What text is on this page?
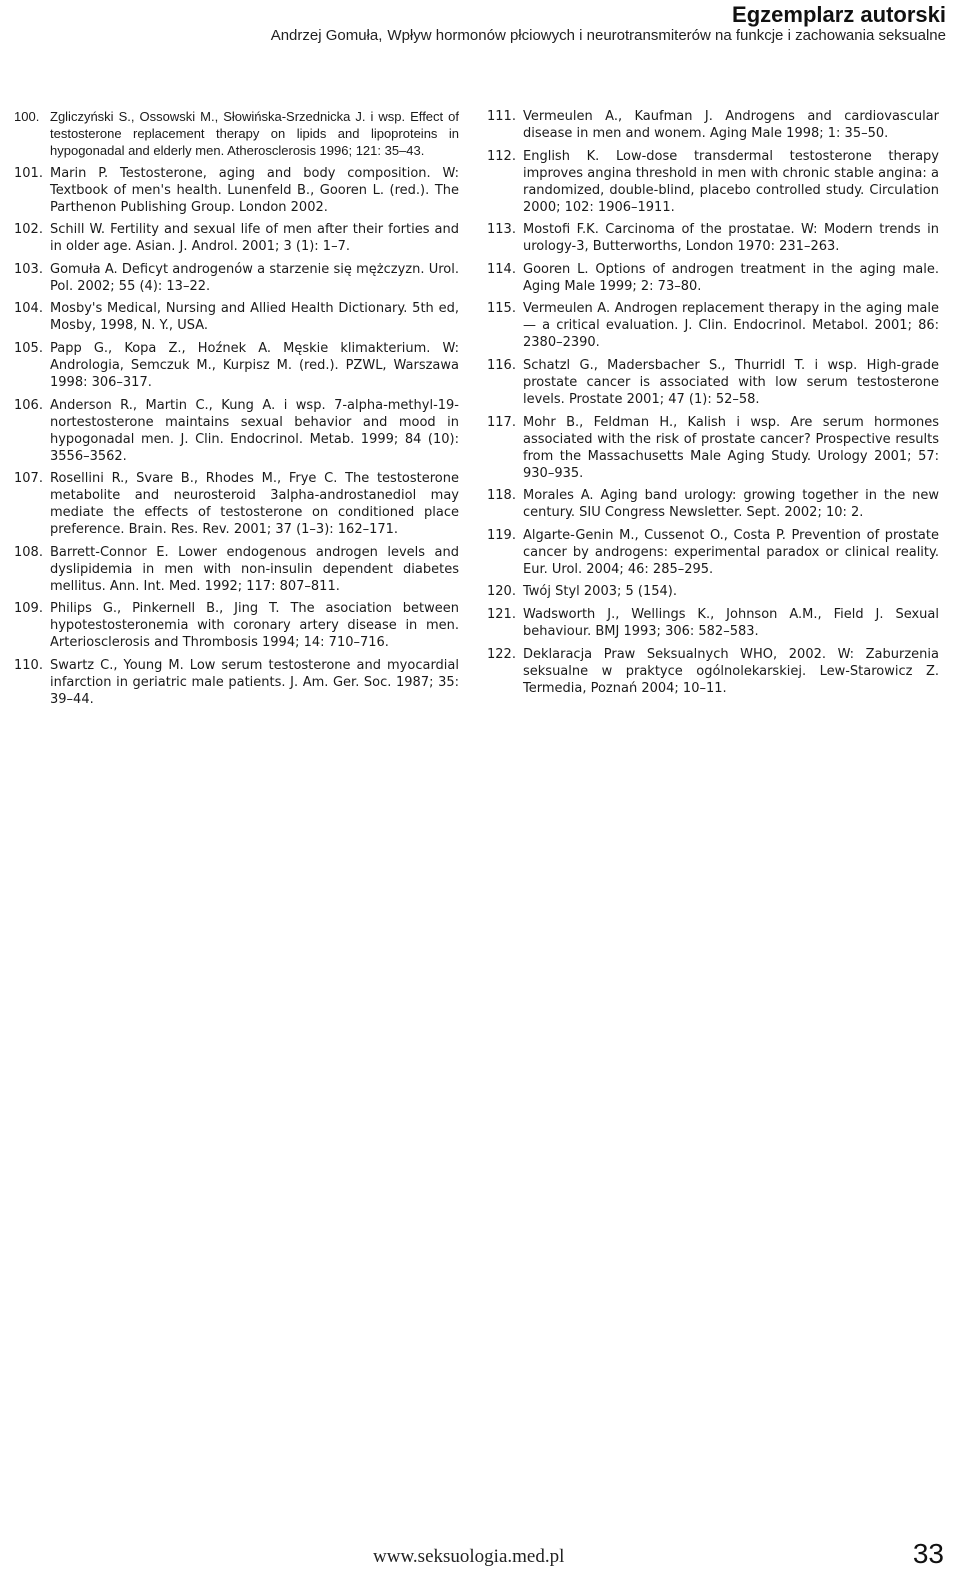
Egzemplarz autorski
Andrzej Gomuła, Wpływ hormonów płciowych i neurotransmiterów na funkcje i zachowania seksualne
100. Zgliczyński S., Ossowski M., Słowińska-Srzednicka J. i wsp. Effect of testosterone replacement therapy on lipids and lipoproteins in hypogonadal and elderly men. Atherosclerosis 1996; 121: 35–43.
101. Marin P. Testosterone, aging and body composition. W: Textbook of men's health. Lunenfeld B., Gooren L. (red.). The Parthenon Publishing Group. London 2002.
102. Schill W. Fertility and sexual life of men after their forties and in older age. Asian. J. Androl. 2001; 3 (1): 1–7.
103. Gomuła A. Deficyt androgenów a starzenie się mężczyzn. Urol. Pol. 2002; 55 (4): 13–22.
104. Mosby's Medical, Nursing and Allied Health Dictionary. 5th ed, Mosby, 1998, N. Y., USA.
105. Papp G., Kopa Z., Hoźnek A. Męskie klimakterium. W: Andrologia, Semczuk M., Kurpisz M. (red.). PZWL, Warszawa 1998: 306–317.
106. Anderson R., Martin C., Kung A. i wsp. 7-alpha-methyl-19-nortestosterone maintains sexual behavior and mood in hypogonadal men. J. Clin. Endocrinol. Metab. 1999; 84 (10): 3556–3562.
107. Rosellini R., Svare B., Rhodes M., Frye C. The testosterone metabolite and neurosteroid 3alpha-androstanediol may mediate the effects of testosterone on conditioned place preference. Brain. Res. Rev. 2001; 37 (1–3): 162–171.
108. Barrett-Connor E. Lower endogenous androgen levels and dyslipidemia in men with non-insulin dependent diabetes mellitus. Ann. Int. Med. 1992; 117: 807–811.
109. Philips G., Pinkernell B., Jing T. The asociation between hypotestosteronemia with coronary artery disease in men. Arteriosclerosis and Thrombosis 1994; 14: 710–716.
110. Swartz C., Young M. Low serum testosterone and myocardial infarction in geriatric male patients. J. Am. Ger. Soc. 1987; 35: 39–44.
111. Vermeulen A., Kaufman J. Androgens and cardiovascular disease in men and wonem. Aging Male 1998; 1: 35–50.
112. English K. Low-dose transdermal testosterone therapy improves angina threshold in men with chronic stable angina: a randomized, double-blind, placebo controlled study. Circulation 2000; 102: 1906–1911.
113. Mostofi F.K. Carcinoma of the prostatae. W: Modern trends in urology-3, Butterworths, London 1970: 231–263.
114. Gooren L. Options of androgen treatment in the aging male. Aging Male 1999; 2: 73–80.
115. Vermeulen A. Androgen replacement therapy in the aging male — a critical evaluation. J. Clin. Endocrinol. Metabol. 2001; 86: 2380–2390.
116. Schatzl G., Madersbacher S., Thurridl T. i wsp. High-grade prostate cancer is associated with low serum testosterone levels. Prostate 2001; 47 (1): 52–58.
117. Mohr B., Feldman H., Kalish i wsp. Are serum hormones associated with the risk of prostate cancer? Prospective results from the Massachusetts Male Aging Study. Urology 2001; 57: 930–935.
118. Morales A. Aging band urology: growing together in the new century. SIU Congress Newsletter. Sept. 2002; 10: 2.
119. Algarte-Genin M., Cussenot O., Costa P. Prevention of prostate cancer by androgens: experimental paradox or clinical reality. Eur. Urol. 2004; 46: 285–295.
120. Twój Styl 2003; 5 (154).
121. Wadsworth J., Wellings K., Johnson A.M., Field J. Sexual behaviour. BMJ 1993; 306: 582–583.
122. Deklaracja Praw Seksualnych WHO, 2002. W: Zaburzenia seksualne w praktyce ogólnolekarskiej. Lew-Starowicz Z. Termedia, Poznań 2004; 10–11.
www.seksuologia.med.pl	33
